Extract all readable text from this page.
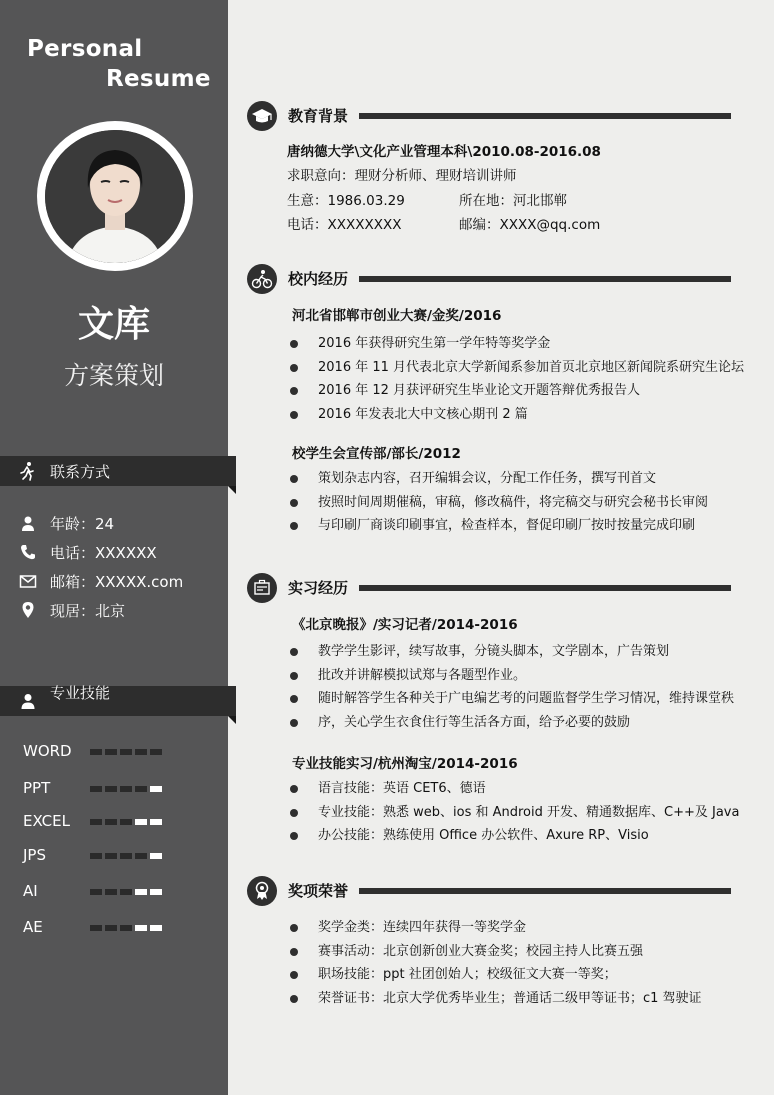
Personal
Resume
文库
方案策划
联系方式
年龄：24
电话：XXXXXX
邮箱：XXXXX.com
现居：北京
专业技能
WORD
PPT
EXCEL
JPS
AI
AE
教育背景
唐纳德大学\文化产业管理本科\2010.08-2016.08
求职意向：理财分析师、理财培训讲师
生意：1986.03.29	所在地：河北邯郸
电话：XXXXXXXX	邮编：XXXX@qq.com
校内经历
河北省邯郸市创业大赛/金奖/2016
2016 年获得研究生第一学年特等奖学金
2016 年 11 月代表北京大学新闻系参加首页北京地区新闻院系研究生论坛
2016 年 12 月获评研究生毕业论文开题答辩优秀报告人
2016 年发表北大中文核心期刊 2 篇
校学生会宣传部/部长/2012
策划杂志内容，召开编辑会议，分配工作任务，撰写刊首文
按照时间周期催稿，审稿，修改稿件，将完稿交与研究会秘书长审阅
与印刷厂商谈印刷事宜，检查样本，督促印刷厂按时按量完成印刷
实习经历
《北京晚报》/实习记者/2014-2016
教学学生影评，续写故事，分镜头脚本，文学剧本，广告策划
批改并讲解模拟试郑与各题型作业。
随时解答学生各种关于广电编艺考的问题监督学生学习情况，维持课堂秩
序，关心学生衣食住行等生活各方面，给予必要的鼓励
专业技能实习/杭州淘宝/2014-2016
语言技能：英语 CET6、德语
专业技能：熟悉 web、ios 和 Android 开发、精通数据库、C++及 Java
办公技能：熟练使用 Office 办公软件、Axure RP、Visio
奖项荣誉
奖学金类：连续四年获得一等奖学金
赛事活动：北京创新创业大赛金奖；校园主持人比赛五强
职场技能：ppt 社团创始人；校级征文大赛一等奖；
荣誉证书：北京大学优秀毕业生；普通话二级甲等证书；c1 驾驶证
